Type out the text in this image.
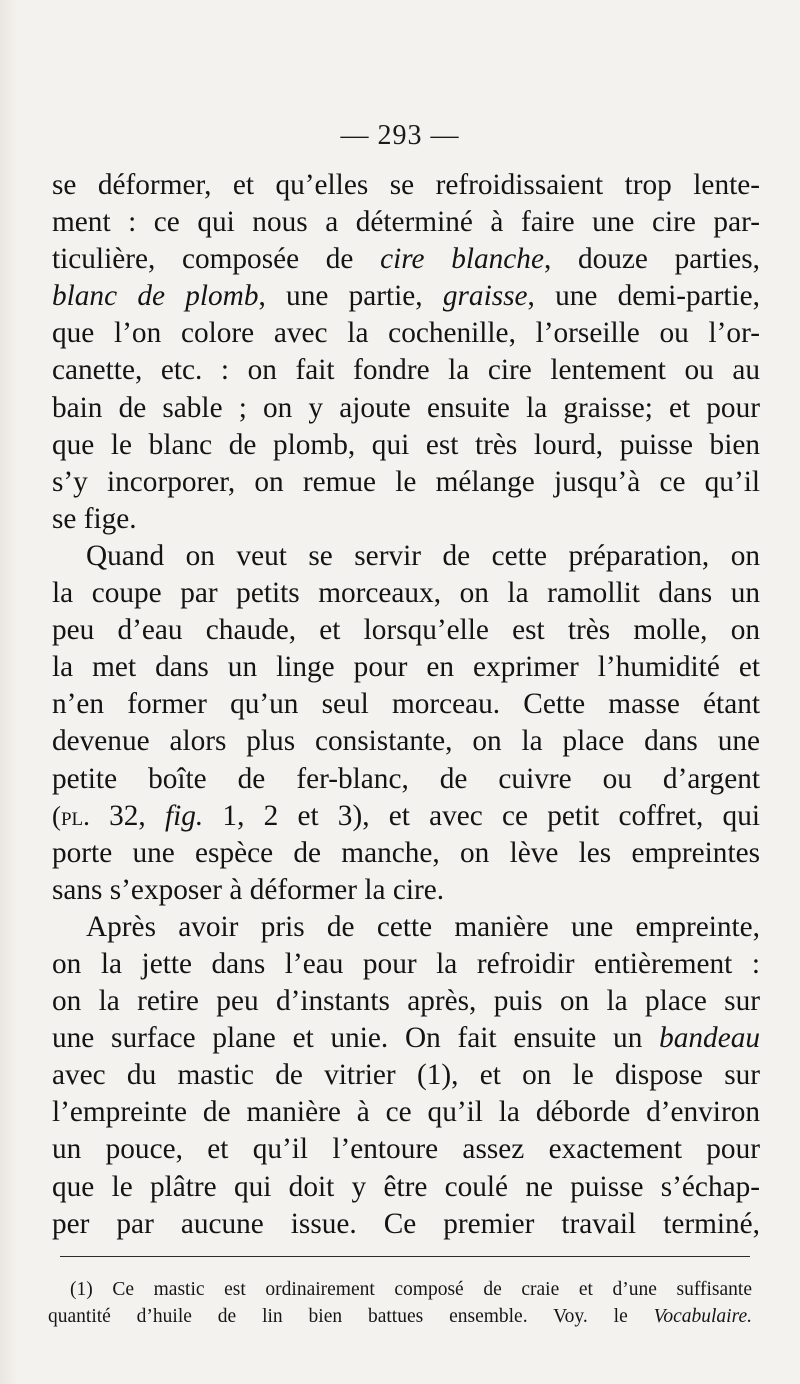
— 293 —
se déformer, et qu’elles se refroidissaient trop lente-
ment : ce qui nous a déterminé à faire une cire par-
ticulière, composée de cire blanche, douze parties,
blanc de plomb, une partie, graisse, une demi-partie,
que l’on colore avec la cochenille, l’orseille ou l’or-
canette, etc. : on fait fondre la cire lentement ou au
bain de sable ; on y ajoute ensuite la graisse; et pour
que le blanc de plomb, qui est très lourd, puisse bien
s’y incorporer, on remue le mélange jusqu’à ce qu’il
se fige.
Quand on veut se servir de cette préparation, on
la coupe par petits morceaux, on la ramollit dans un
peu d’eau chaude, et lorsqu’elle est très molle, on
la met dans un linge pour en exprimer l’humidité et
n’en former qu’un seul morceau. Cette masse étant
devenue alors plus consistante, on la place dans une
petite boîte de fer-blanc, de cuivre ou d’argent
(pl. 32, fig. 1, 2 et 3), et avec ce petit coffret, qui
porte une espèce de manche, on lève les empreintes
sans s’exposer à déformer la cire.
Après avoir pris de cette manière une empreinte,
on la jette dans l’eau pour la refroidir entièrement :
on la retire peu d’instants après, puis on la place sur
une surface plane et unie. On fait ensuite un bandeau
avec du mastic de vitrier (1), et on le dispose sur
l’empreinte de manière à ce qu’il la déborde d’environ
un pouce, et qu’il l’entoure assez exactement pour
que le plâtre qui doit y être coulé ne puisse s’échap-
per par aucune issue. Ce premier travail terminé,
(1) Ce mastic est ordinairement composé de craie et d’une suffisante
quantité d’huile de lin bien battues ensemble. Voy. le Vocabulaire.
